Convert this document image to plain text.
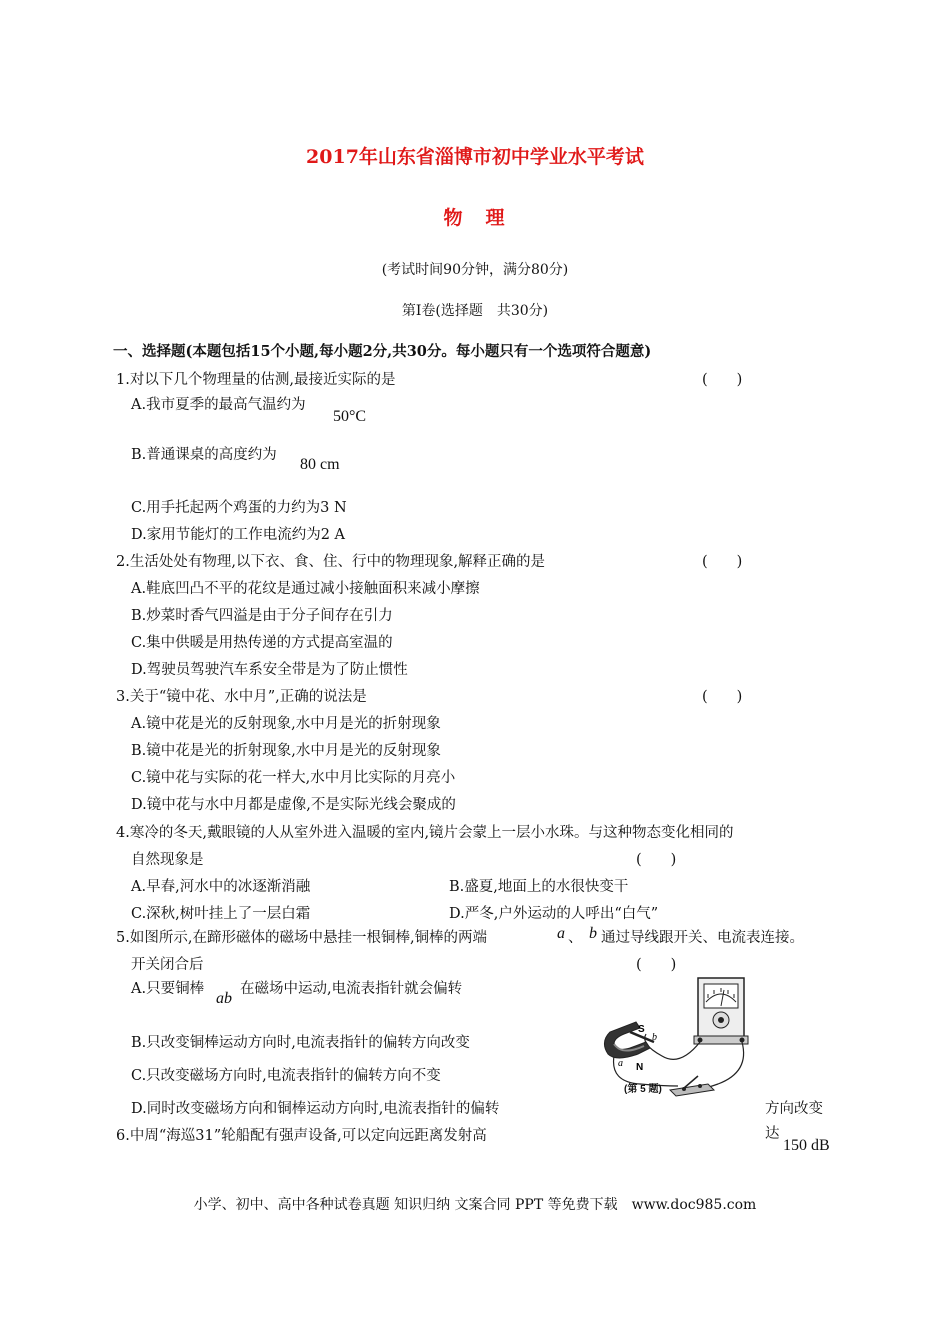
2017年山东省淄博市初中学业水平考试
物　理
(考试时间90分钟，满分80分)
第Ⅰ卷(选择题　共30分)
一、选择题(本题包括15个小题,每小题2分,共30分。每小题只有一个选项符合题意)
1.对以下几个物理量的估测,最接近实际的是	(　　)
A.我市夏季的最高气温约为
50°C
B.普通课桌的高度约为
80 cm
C.用手托起两个鸡蛋的力约为3 N
D.家用节能灯的工作电流约为2 A
2.生活处处有物理,以下衣、食、住、行中的物理现象,解释正确的是	(　　)
A.鞋底凹凸不平的花纹是通过减小接触面积来减小摩擦
B.炒菜时香气四溢是由于分子间存在引力
C.集中供暖是用热传递的方式提高室温的
D.驾驶员驾驶汽车系安全带是为了防止惯性
3.关于“镜中花、水中月”,正确的说法是	(　　)
A.镜中花是光的反射现象,水中月是光的折射现象
B.镜中花是光的折射现象,水中月是光的反射现象
C.镜中花与实际的花一样大,水中月比实际的月亮小
D.镜中花与水中月都是虚像,不是实际光线会聚成的
4.寒冷的冬天,戴眼镜的人从室外进入温暖的室内,镜片会蒙上一层小水珠。与这种物态变化相同的
自然现象是	(　　)
A.早春,河水中的冰逐渐消融	B.盛夏,地面上的水很快变干
C.深秋,树叶挂上了一层白霜	D.严冬,户外运动的人呼出“白气”
5.如图所示,在蹄形磁体的磁场中悬挂一根铜棒,铜棒的两端	a 、 b 通过导线跟开关、电流表连接。
开关闭合后	(　　)
A.只要铜棒
ab
在磁场中运动,电流表指针就会偏转
B.只改变铜棒运动方向时,电流表指针的偏转方向改变
C.只改变磁场方向时,电流表指针的偏转方向不变
D.同时改变磁场方向和铜棒运动方向时,电流表指针的偏转	方向改变
S
b
N
a
(第 5 题)
6.中周“海巡31”轮船配有强声设备,可以定向远距离发射高	达
150 dB
小学、初中、高中各种试卷真题 知识归纳 文案合同 PPT 等免费下载　www.doc985.com
